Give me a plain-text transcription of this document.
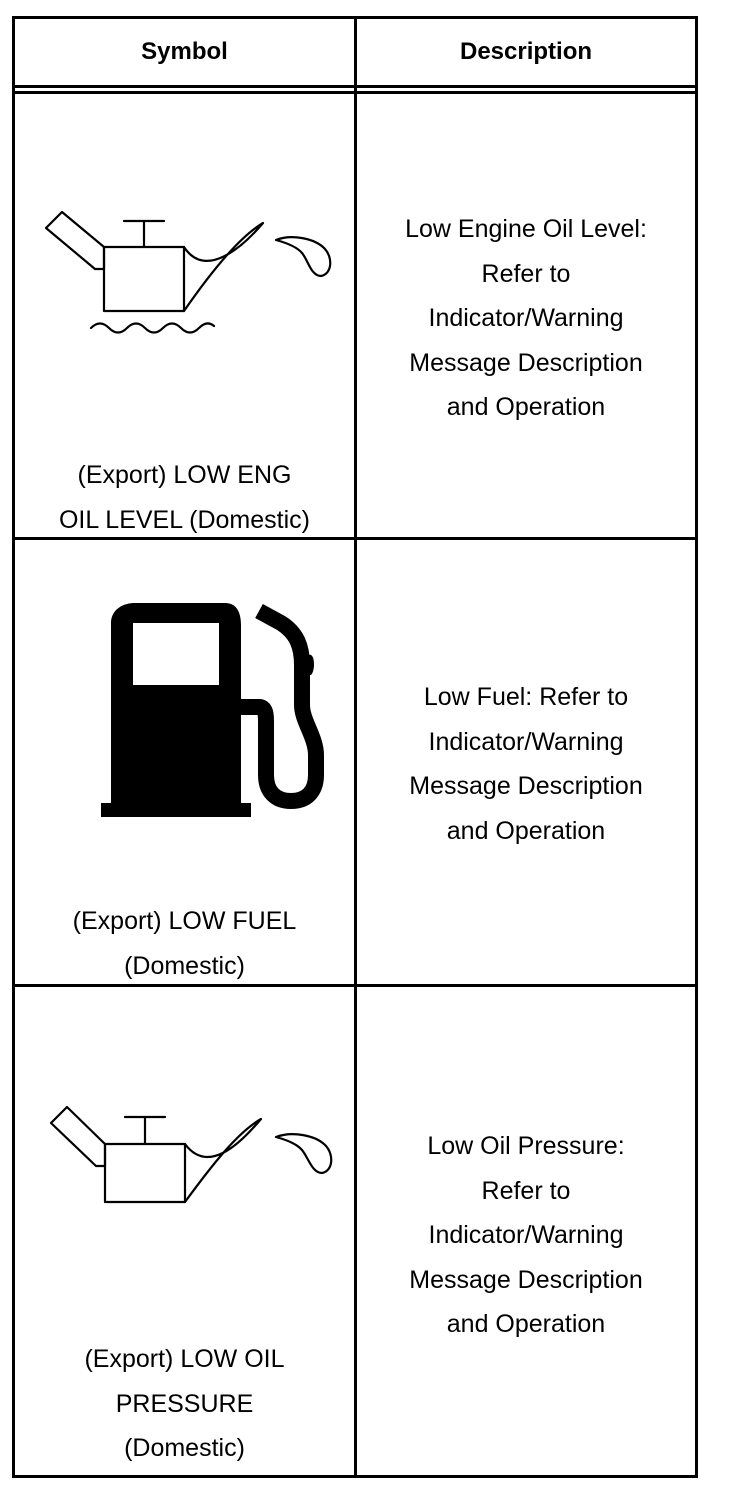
Symbol	Description
(Export) LOW ENG
OIL LEVEL (Domestic)
Low Engine Oil Level:
Refer to
Indicator/Warning
Message Description
and Operation
(Export) LOW FUEL
(Domestic)
Low Fuel: Refer to
Indicator/Warning
Message Description
and Operation
(Export) LOW OIL
PRESSURE
(Domestic)
Low Oil Pressure:
Refer to
Indicator/Warning
Message Description
and Operation
